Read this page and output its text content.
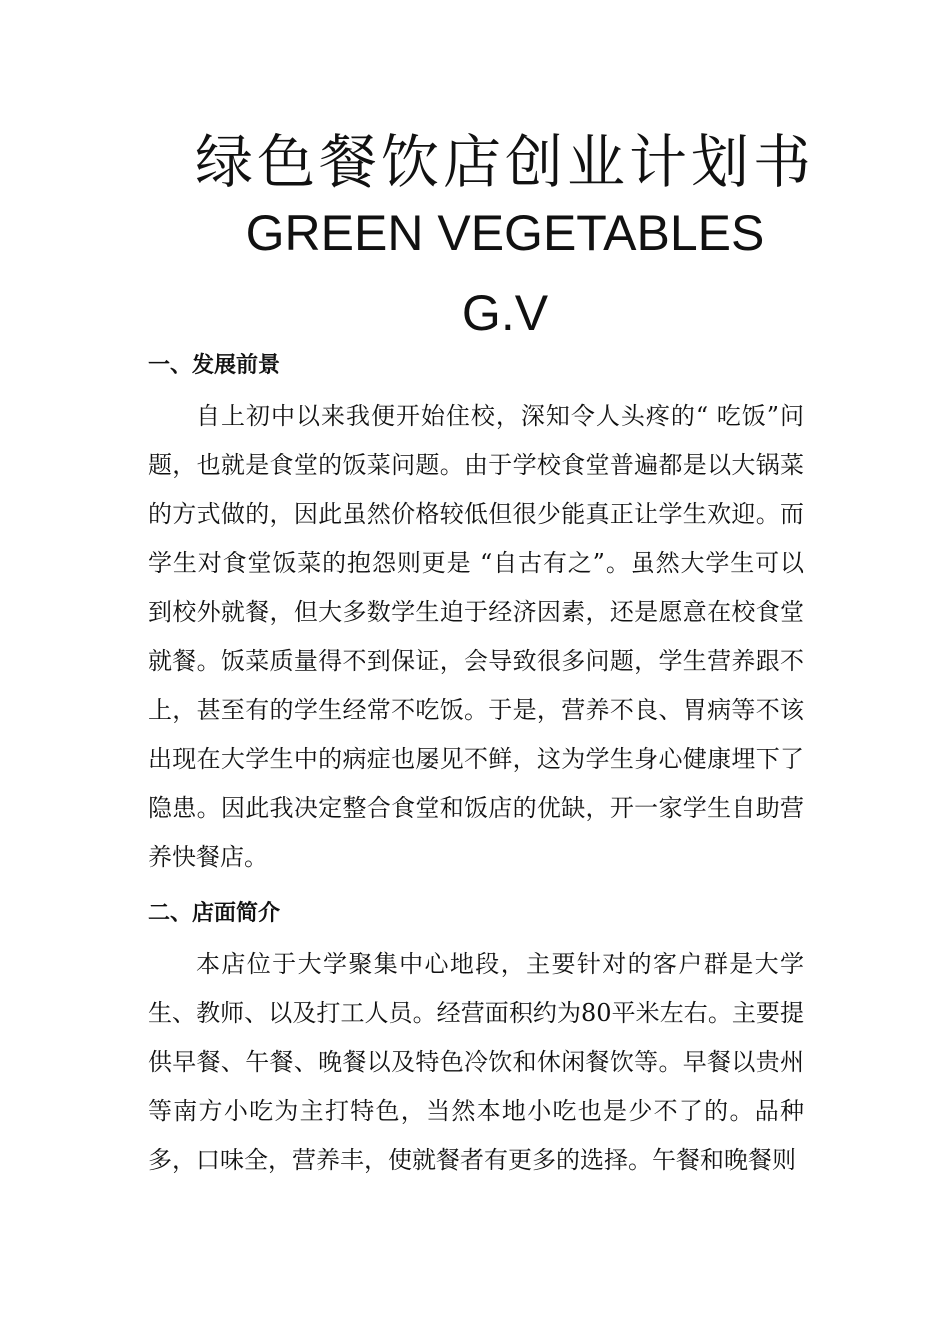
绿色餐饮店创业计划书
GREEN VEGETABLES
G.V
一、发展前景

自上初中以来我便开始住校，深知令人头疼的“ 吃饭”问题，也就是食堂的饭菜问题。由于学校食堂普遍都是以大锅菜的方式做的，因此虽然价格较低但很少能真正让学生欢迎。而学生对食堂饭菜的抱怨则更是 “自古有之”。虽然大学生可以到校外就餐，但大多数学生迫于经济因素，还是愿意在校食堂就餐。饭菜质量得不到保证，会导致很多问题，学生营养跟不上，甚至有的学生经常不吃饭。于是，营养不良、胃病等不该出现在大学生中的病症也屡见不鲜，这为学生身心健康埋下了隐患。因此我决定整合食堂和饭店的优缺，开一家学生自助营养快餐店。

二、店面简介

本店位于大学聚集中心地段，主要针对的客户群是大学生、教师、以及打工人员。经营面积约为80平米左右。主要提供早餐、午餐、晚餐以及特色冷饮和休闲餐饮等。早餐以贵州等南方小吃为主打特色，当然本地小吃也是少不了的。品种多，口味全，营养丰，使就餐者有更多的选择。午餐和晚餐则
